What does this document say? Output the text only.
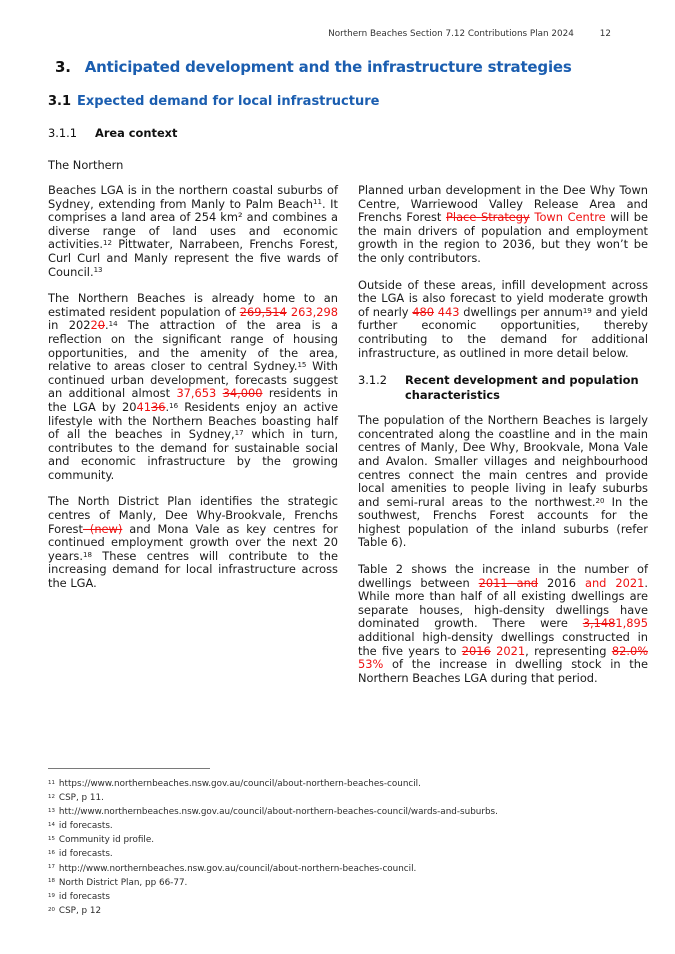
Northern Beaches Section 7.12 Contributions Plan 2024	12
3. Anticipated development and the infrastructure strategies
3.1 Expected demand for local infrastructure
3.1.1	Area context
The Northern

Beaches LGA is in the northern coastal suburbs of Sydney, extending from Manly to Palm Beach$^{11}$. It comprises a land area of 254 km² and combines a diverse range of land uses and economic activities.$^{12}$ Pittwater, Narrabeen, Frenchs Forest, Curl Curl and Manly represent the five wards of Council.$^{13}$

The Northern Beaches is already home to an estimated resident population of 269,514 263,298 in 20220.14 The attraction of the area is a reflection on the significant range of housing opportunities, and the amenity of the area, relative to areas closer to central Sydney.$^{15}$ With continued urban development, forecasts suggest an additional almost 37,653 34,000 residents in the LGA by 204136.16 Residents enjoy an active lifestyle with the Northern Beaches boasting half of all the beaches in Sydney,$^{17}$ which in turn, contributes to the demand for sustainable social and economic infrastructure by the growing community.

The North District Plan identifies the strategic centres of Manly, Dee Why-Brookvale, Frenchs Forest (new) and Mona Vale as key centres for continued employment growth over the next 20 years.$^{18}$ These centres will contribute to the increasing demand for local infrastructure across the LGA.

Planned urban development in the Dee Why Town Centre, Warriewood Valley Release Area and Frenchs Forest Place Strategy Town Centre will be the main drivers of population and employment growth in the region to 2036, but they won’t be the only contributors.

Outside of these areas, infill development across the LGA is also forecast to yield moderate growth of nearly 480 443 dwellings per annum$^{19}$ and yield further economic opportunities, thereby contributing to the demand for additional infrastructure, as outlined in more detail below.

3.1.2	Recent development and population characteristics

The population of the Northern Beaches is largely concentrated along the coastline and in the main centres of Manly, Dee Why, Brookvale, Mona Vale and Avalon. Smaller villages and neighbourhood centres connect the main centres and provide local amenities to people living in leafy suburbs and semi-rural areas to the northwest.$^{20}$ In the southwest, Frenchs Forest accounts for the highest population of the inland suburbs (refer Table 6).

Table 2 shows the increase in the number of dwellings between 2011 and 2016 and 2021. While more than half of all existing dwellings are separate houses, high-density dwellings have dominated growth. There were 3,1481,895 additional high-density dwellings constructed in the five years to 2016 2021, representing 82.0% 53% of the increase in dwelling stock in the Northern Beaches LGA during that period.

$^{11}$ https://www.northernbeaches.nsw.gov.au/council/about-northern-beaches-council.
$^{12}$ CSP, p 11.
$^{13}$ htt://www.northernbeaches.nsw.gov.au/council/about-northern-beaches-council/wards-and-suburbs.
$^{14}$ id forecasts.
$^{15}$ Community id profile.
$^{16}$ id forecasts.
$^{17}$ http://www.northernbeaches.nsw.gov.au/council/about-northern-beaches-council.
$^{18}$ North District Plan, pp 66-77.
$^{19}$ id forecasts
$^{20}$ CSP, p 12
